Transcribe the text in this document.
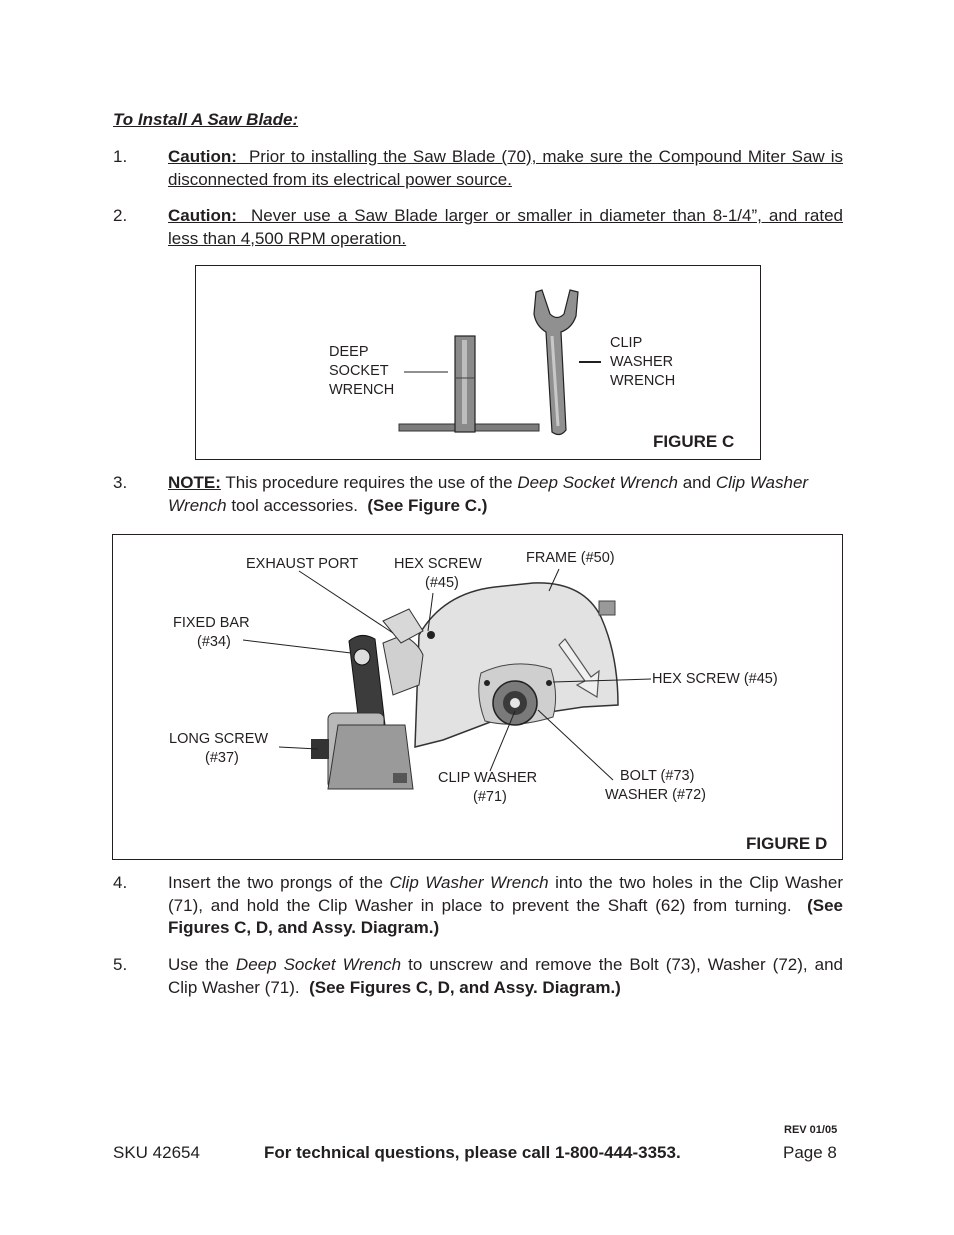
To Install A Saw Blade:
1. Caution: Prior to installing the Saw Blade (70), make sure the Compound Miter Saw is disconnected from its electrical power source.
2. Caution: Never use a Saw Blade larger or smaller in diameter than 8-1/4”, and rated less than 4,500 RPM operation.
DEEP
SOCKET
WRENCH
CLIP
WASHER
WRENCH
FIGURE C
3. NOTE: This procedure requires the use of the Deep Socket Wrench and Clip Washer Wrench tool accessories. (See Figure C.)
EXHAUST PORT HEX SCREW
(#45)
FRAME (#50)
FIXED BAR
(#34)
HEX SCREW (#45)
LONG SCREW
(#37)
CLIP WASHER
(#71)
BOLT (#73)
WASHER (#72)
FIGURE D
4. Insert the two prongs of the Clip Washer Wrench into the two holes in the Clip Washer (71), and hold the Clip Washer in place to prevent the Shaft (62) from turning. (See Figures C, D, and Assy. Diagram.)
5. Use the Deep Socket Wrench to unscrew and remove the Bolt (73), Washer (72), and Clip Washer (71). (See Figures C, D, and Assy. Diagram.)
REV 01/05
SKU 42654	For technical questions, please call 1-800-444-3353.	Page 8
